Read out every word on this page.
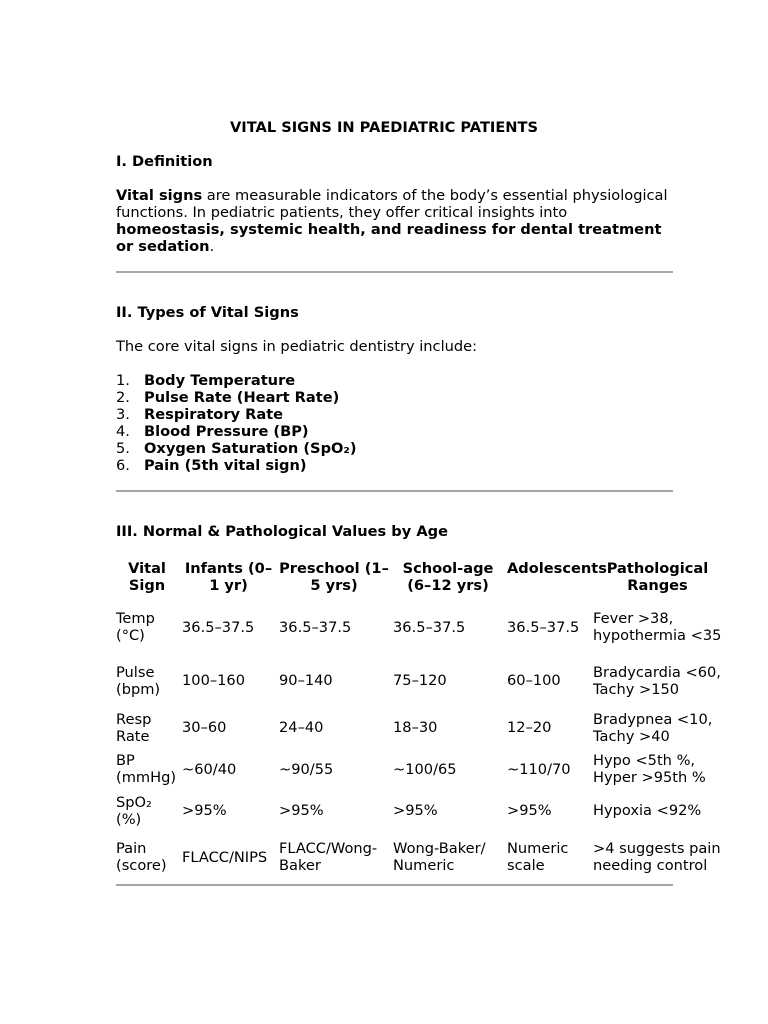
VITAL SIGNS IN PAEDIATRIC PATIENTS
I. Definition
Vital signs are measurable indicators of the body’s essential physiological functions. In pediatric patients, they offer critical insights into homeostasis, systemic health, and readiness for dental treatment or sedation.
II. Types of Vital Signs
The core vital signs in pediatric dentistry include:
1. Body Temperature
2. Pulse Rate (Heart Rate)
3. Respiratory Rate
4. Blood Pressure (BP)
5. Oxygen Saturation (SpO₂)
6. Pain (5th vital sign)
III. Normal & Pathological Values by Age
Vital Sign	Infants (0–1 yr)	Preschool (1–5 yrs)	School-age (6–12 yrs)	Adolescents	Pathological Ranges
Temp (°C)	36.5–37.5	36.5–37.5	36.5–37.5	36.5–37.5	Fever >38, hypothermia <35
Pulse (bpm)	100–160	90–140	75–120	60–100	Bradycardia <60, Tachy >150
Resp Rate	30–60	24–40	18–30	12–20	Bradypnea <10, Tachy >40
BP (mmHg)	~60/40	~90/55	~100/65	~110/70	Hypo <5th %, Hyper >95th %
SpO₂ (%)	>95%	>95%	>95%	>95%	Hypoxia <92%
Pain (score)	FLACC/NIPS	FLACC/Wong-Baker	Wong-Baker/ Numeric	Numeric scale	>4 suggests pain needing control
